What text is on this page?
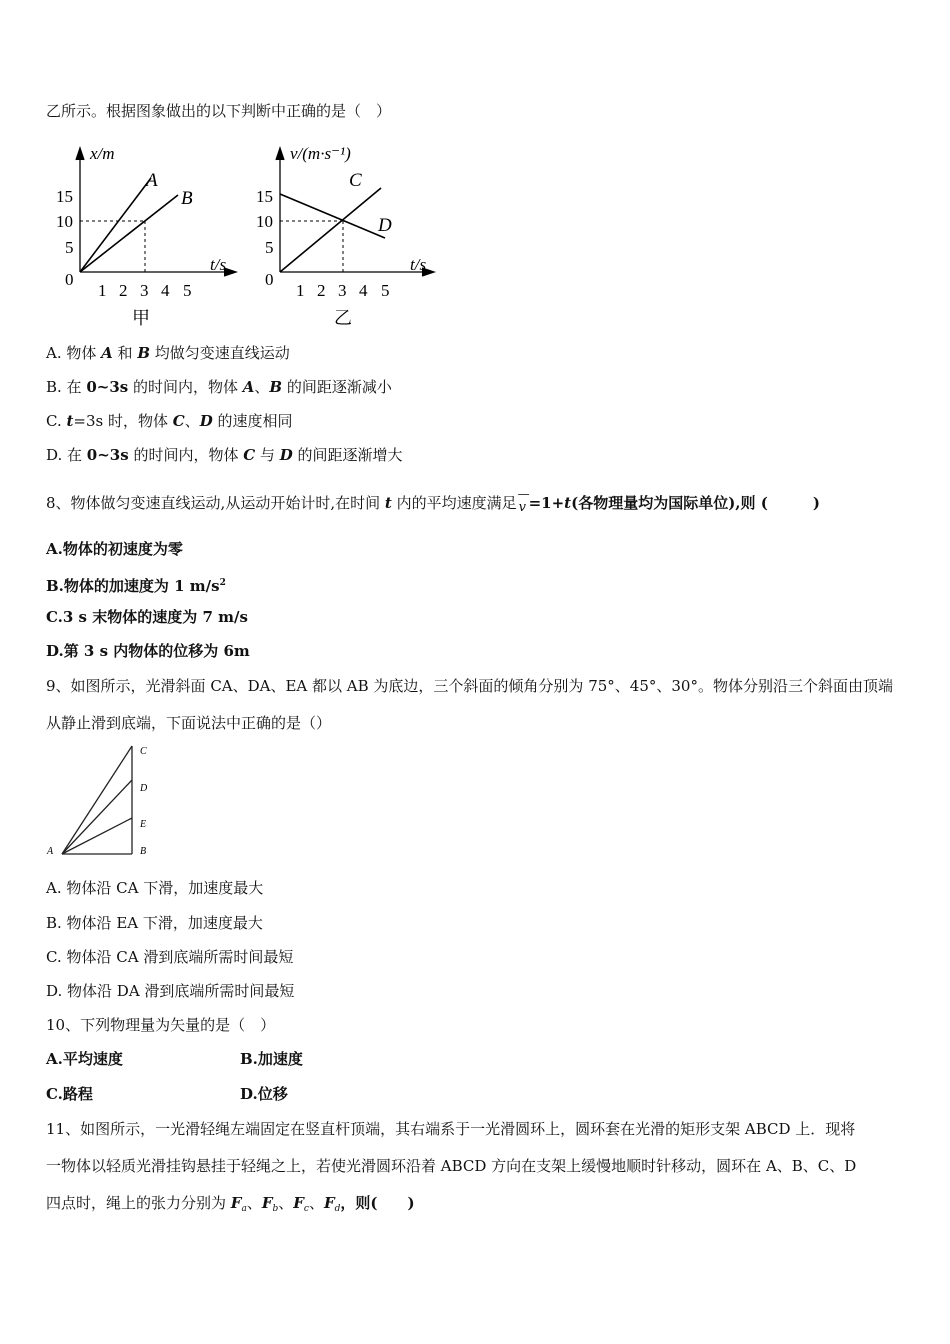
乙所示。根据图象做出的以下判断中正确的是（　）
x/m
t/s
15
10
5
0
1 2 3 4 5
A
B
甲
v/(m·s⁻¹)
t/s
15
10
5
0
1 2 3 4 5
C
D
乙
A. 物体 A 和 B 均做匀变速直线运动
B. 在 0~3s 的时间内，物体 A、B 的间距逐渐减小
C. t=3s 时，物体 C、D 的速度相同
D. 在 0~3s 的时间内，物体 C 与 D 的间距逐渐增大
8、物体做匀变速直线运动,从运动开始计时,在时间 t 内的平均速度满足 —
v =1+t(各物理量均为国际单位),则 (　　　)
A.物体的初速度为零
B.物体的加速度为 1 $m/s^2$
C.3 s 末物体的速度为 7 m/s
D.第 3 s 内物体的位移为 6m
9、如图所示，光滑斜面 CA、DA、EA 都以 AB 为底边，三个斜面的倾角分别为 75°、45°、30°。物体分别沿三个斜面由顶端
从静止滑到底端，下面说法中正确的是（）
C
D
E
A	B
A. 物体沿 CA 下滑，加速度最大
B. 物体沿 EA 下滑，加速度最大
C. 物体沿 CA 滑到底端所需时间最短
D. 物体沿 DA 滑到底端所需时间最短
10、下列物理量为矢量的是（　）
A.平均速度	B.加速度
C.路程	D.位移
11、如图所示，一光滑轻绳左端固定在竖直杆顶端，其右端系于一光滑圆环上，圆环套在光滑的矩形支架 ABCD 上．现将
一物体以轻质光滑挂钩悬挂于轻绳之上，若使光滑圆环沿着 ABCD 方向在支架上缓慢地顺时针移动，圆环在 A、B、C、D
四点时，绳上的张力分别为 $F_a$、$F_b$、$F_c$、$F_d$，则(　　)
